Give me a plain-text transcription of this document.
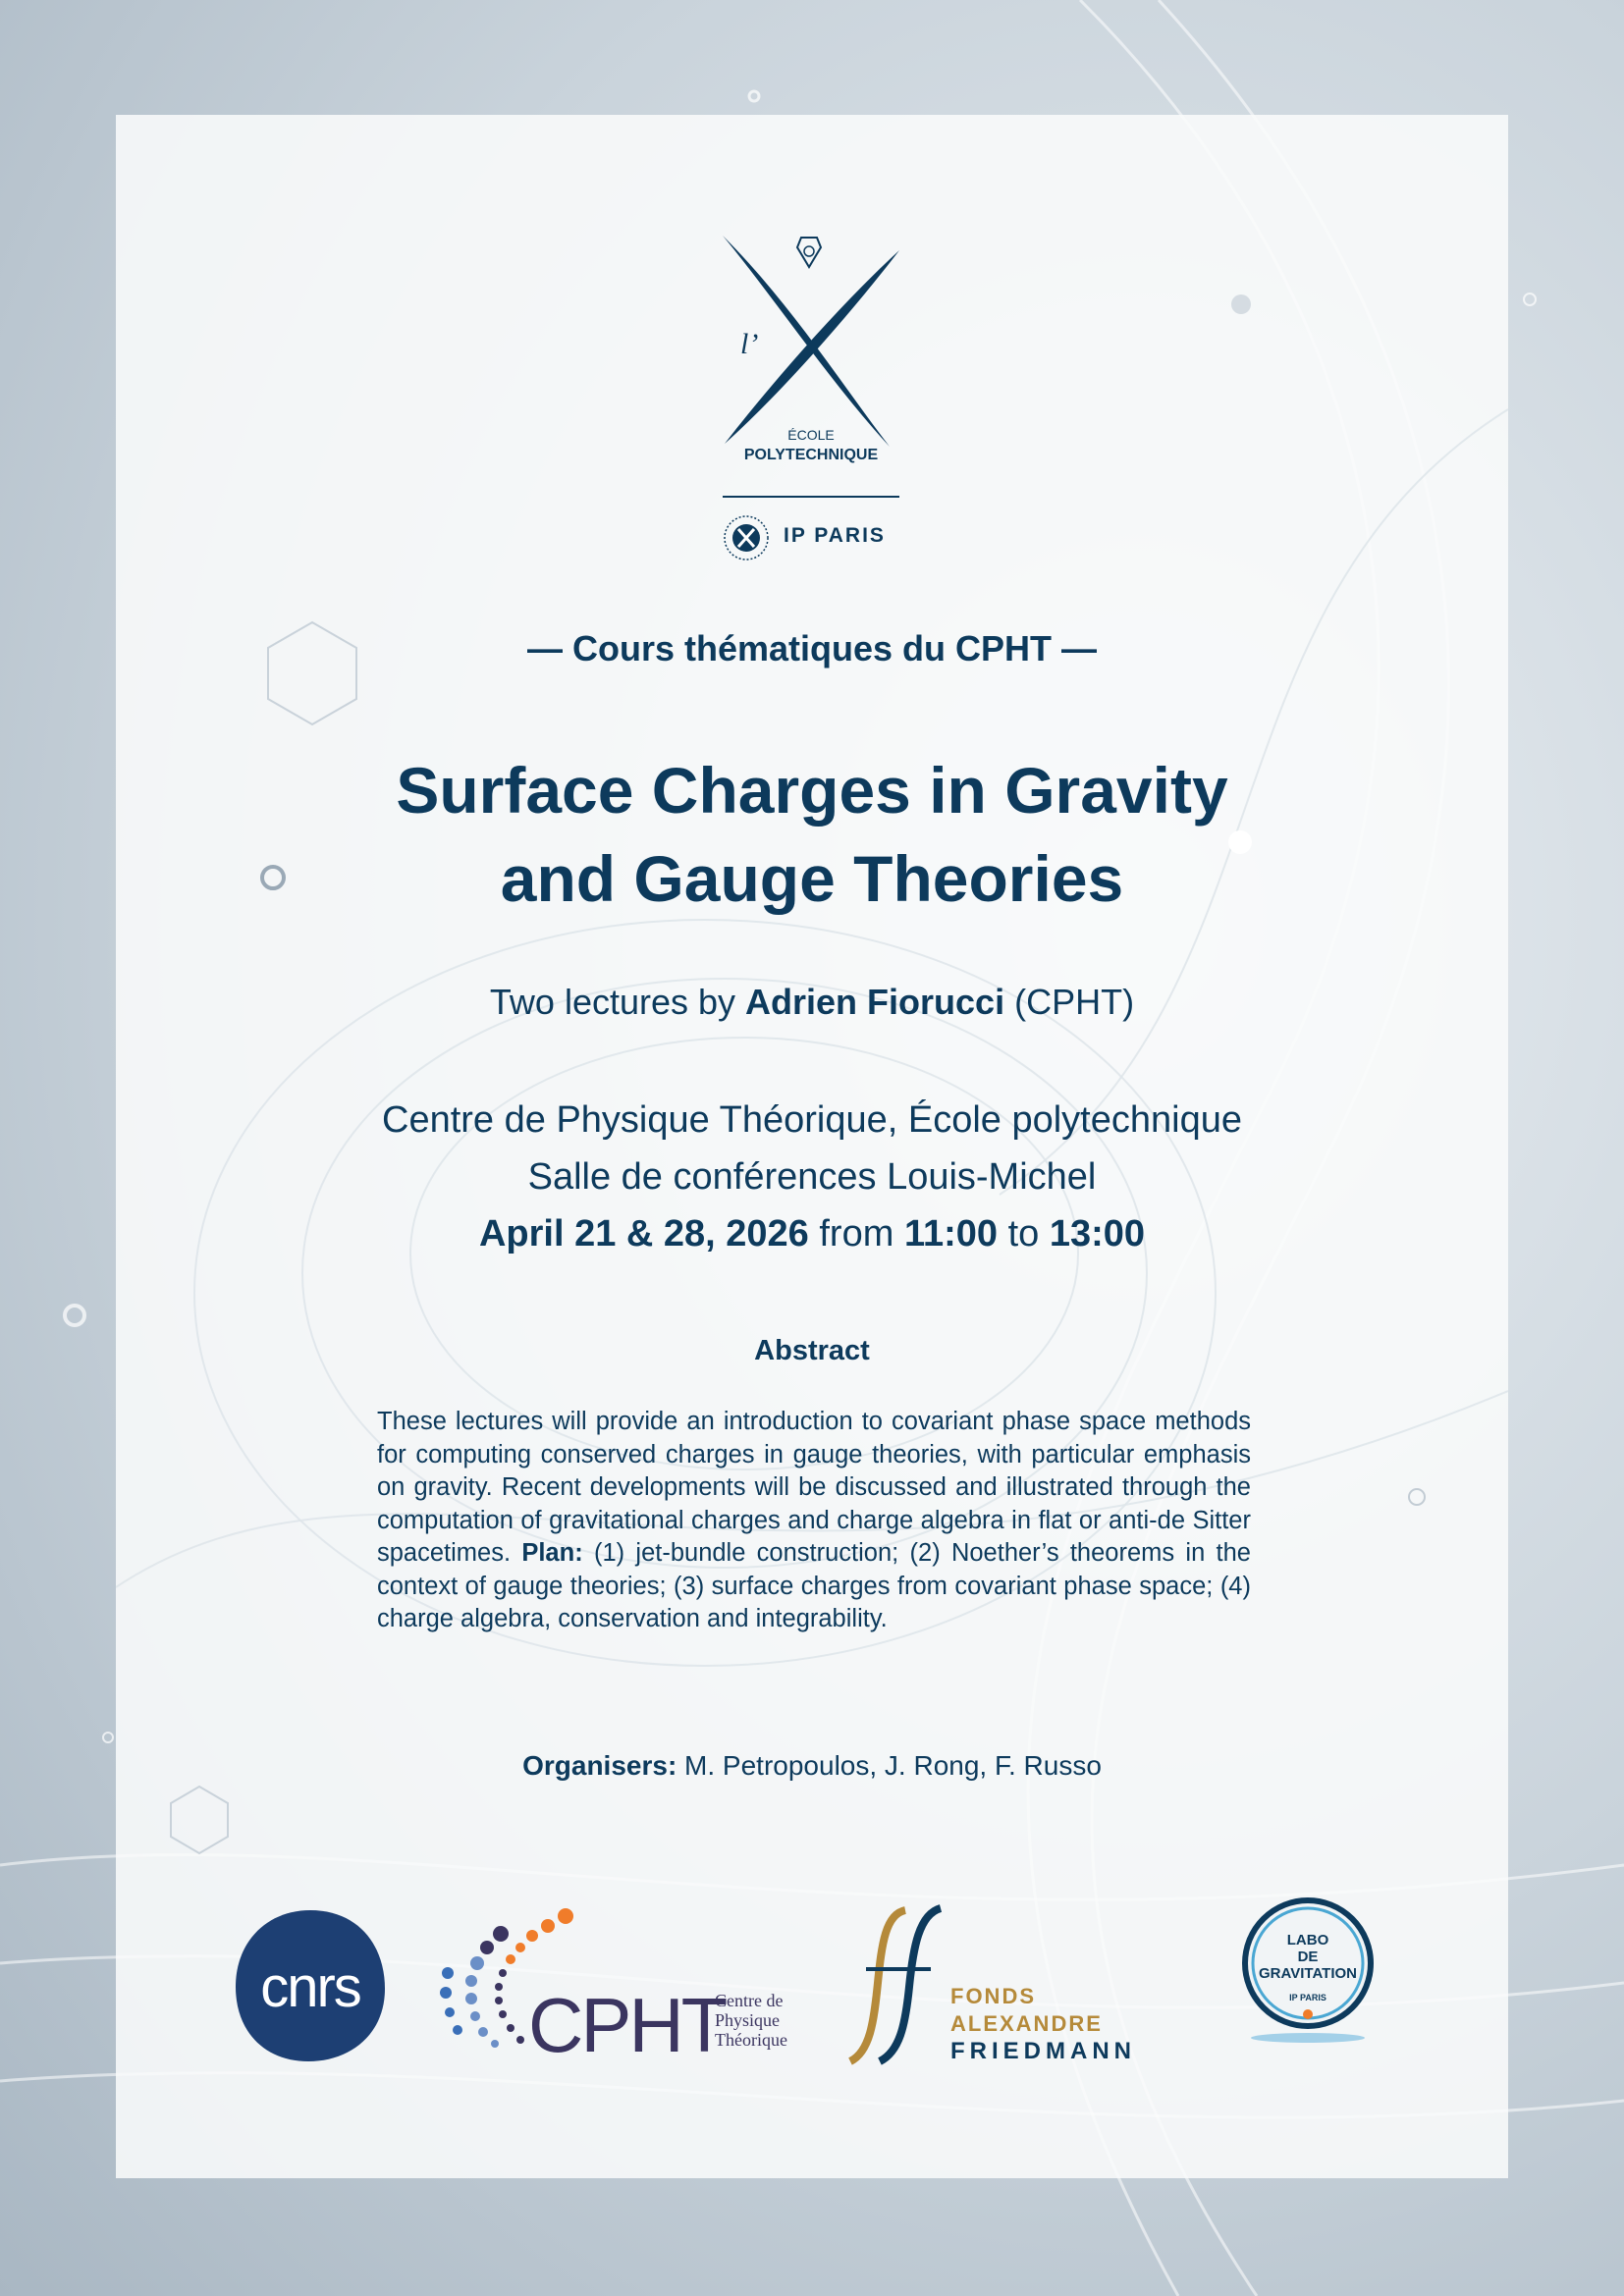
l’
ÉCOLE
POLYTECHNIQUE
IP PARIS
— Cours thématiques du CPHT —
Surface Charges in Gravity
and Gauge Theories
Two lectures by Adrien Fiorucci (CPHT)
Centre de Physique Théorique, École polytechnique
Salle de conférences Louis-Michel
April 21 & 28, 2026 from 11:00 to 13:00
Abstract
These lectures will provide an introduction to covariant phase space methods for computing conserved charges in gauge theories, with particular emphasis on gravity. Recent developments will be discussed and illustrated through the computation of gravitational charges and charge algebra in flat or anti-de Sitter spacetimes. Plan: (1) jet-bundle construction; (2) Noether’s theorems in the context of gauge theories; (3) surface charges from covariant phase space; (4) charge algebra, conservation and integrability.
Organisers: M. Petropoulos, J. Rong, F. Russo
cnrs CPHT
Centre de
Physique
Théorique
FONDS ALEXANDRE
FRIEDMANN
LABO
DE
GRAVITATION
IP PARIS
